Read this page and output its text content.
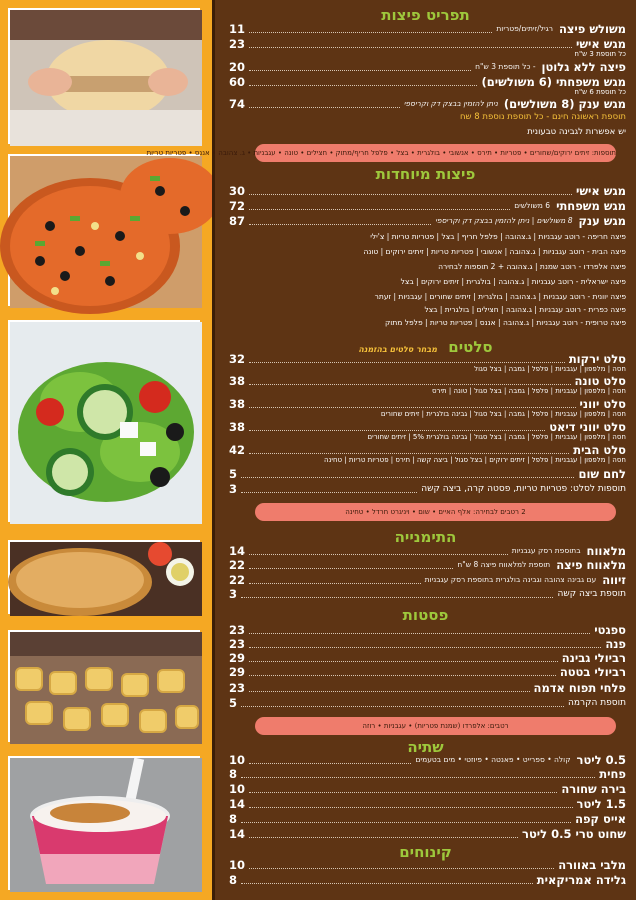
תפריט פיצות
משולש פיצה
רגיל/זיתים/פטריות
11
מגש אישי
23
כל תוספת 3 ש"ח
פיצה ללא גלוטן
- כל תוספת 3 ש"ח
20
מגש משפחתי (6 משולשים)
60
כל תוספת 6 ש"ח
מגש ענק (8 משולשים)
ניתן להזמין בבצק דק וקריספי
74
תוספת ראשונה חינם - כל תוספת נוספת 8 שח
יש אפשרות לגבינה טבעונית
תוספות: זיתים ירוקים/שחורים • פטריות • תירס • אנשובי • בולגרית • בצל • פלפל חריף/מתוק • חצילים • טונה • עגבניות • ג. צהובה • אננס • פטריות טריות
פיצות מיוחדות
מגש אישי
30
מגש משפחתי
6 משולשים
72
מגש ענק
8 משולשים | ניתן להזמין בבצק דק וקריספי
87
פיצה חריפה - רוטב עגבניות | ג.צהובה | פלפל חריף | בצל | פטריות טריות | צ'ילי
פיצה הבית - רוטב עגבניות | ג.צהובה | אנשובי | פטריות טריות | זיתים ירוקים | טונה
פיצה אלפרדו - רוטב שמנת | ג.צהובה + 2 תוספות לבחירה
פיצה ישראלית - רוטב עגבניות | ג.צהובה | בולגרית | זיתים ירוקים | בצל
פיצה יוונית - רוטב עגבניות | ג.צהובה | בולגרית | זיתים שחורים | עגבניות | זעתר
פיצה כפרית - רוטב עגבניות | ג.צהובה | חצילים | בולגרית | בצל
פיצה טרופית - רוטב עגבניות | ג.צהובה | אננס | פטריות טריות | פלפל מתוק
סלטים מבחר סלטים בהזמנה
סלט ירקות
32
חסה | מלפפון | עגבניות | פלפל | גמבה | בצל סגול
סלט טונה
38
חסה | מלפפון | עגבניות | פלפל | גמבה | בצל סגול | טונה | תירס
סלט יווני
38
חסה | מלפפון | עגבניות | פלפל | גמבה | בצל סגול | גבינה בולגרית | זיתים שחורים
סלט יווני דיאט
38
חסה | מלפפון | עגבניות | פלפל | גמבה | בצל סגול | גבינה בולגרית 5% | זיתים שחורים
סלט הבית
42
חסה | מלפפון | עגבניות | פלפל | זיתים ירוקים | בצל סגול | ביצה קשה | תירס | פטריות טריות | טחינה
לחם שום
5
תוספות לסלט: פטריות טריות, פסטה קרה, ביצה קשה
3
2 רטבים לבחירה: אלף האיים • שום • ויניגרט חרדל • טחינה
התימנייה
מלאווח
בתוספת רסק עגבניות
14
מלאווח פיצה
תוספת למלאווח פיצה 8 ש"ח
22
זיווה
עם גבינה צהובה וגבינה בולגרית בתוספת רסק עגבניות
22
תוספת ביצה קשה
3
פסטות
ספגטי
23
פנה
23
רביולי גבינה
29
רביולי בטטה
29
פלחי תפוח אדמה
23
תוספת הקרמה
5
רטבים: אלפרדו (שמנת פטריות) • עגבניות • רוזה
שתיה
0.5 ליטר
קולה • ספרייט • פאנטה • פיוזטי • מים בטעמים
10
פחית
8
בירה שחורה
10
1.5 ליטר
14
אייס קפה
8
שחוט טרי 0.5 ליטר
14
קינוחים
מלבי באוורה
10
גלידה אמריקאית
8
